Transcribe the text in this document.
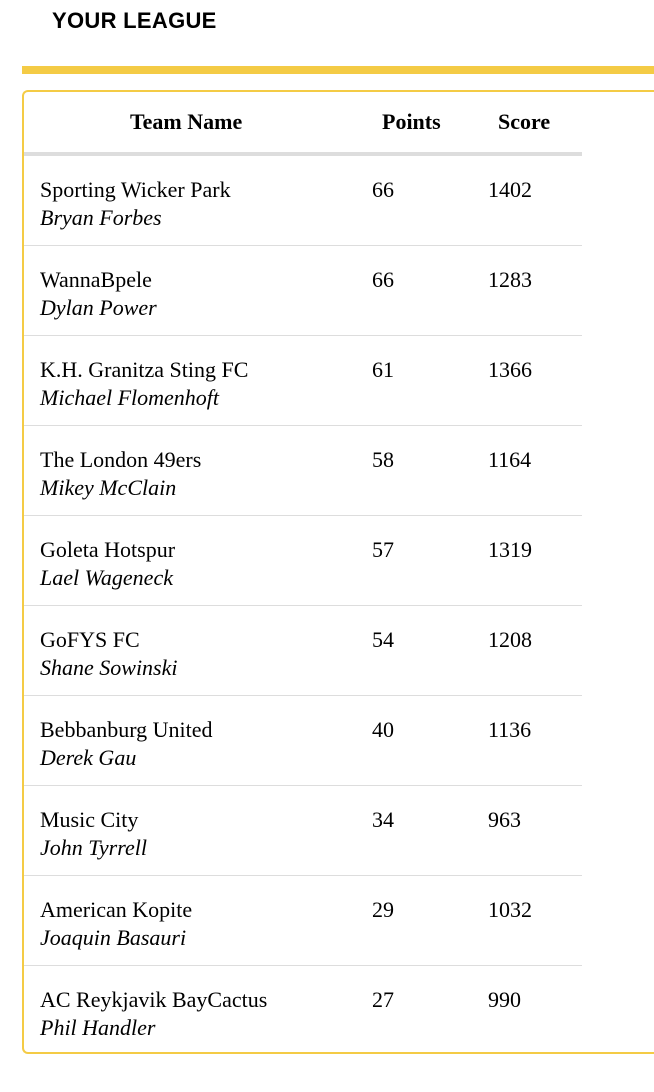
YOUR LEAGUE
Team Name	Points	Score
Sporting Wicker Park
Bryan Forbes
66	1402
WannaBpele
Dylan Power
66	1283
K.H. Granitza Sting FC
Michael Flomenhoft
61	1366
The London 49ers
Mikey McClain
58	1164
Goleta Hotspur
Lael Wageneck
57	1319
GoFYS FC
Shane Sowinski
54	1208
Bebbanburg United
Derek Gau
40	1136
Music City
John Tyrrell
34	963
American Kopite
Joaquin Basauri
29	1032
AC Reykjavik BayCactus
Phil Handler
27	990
